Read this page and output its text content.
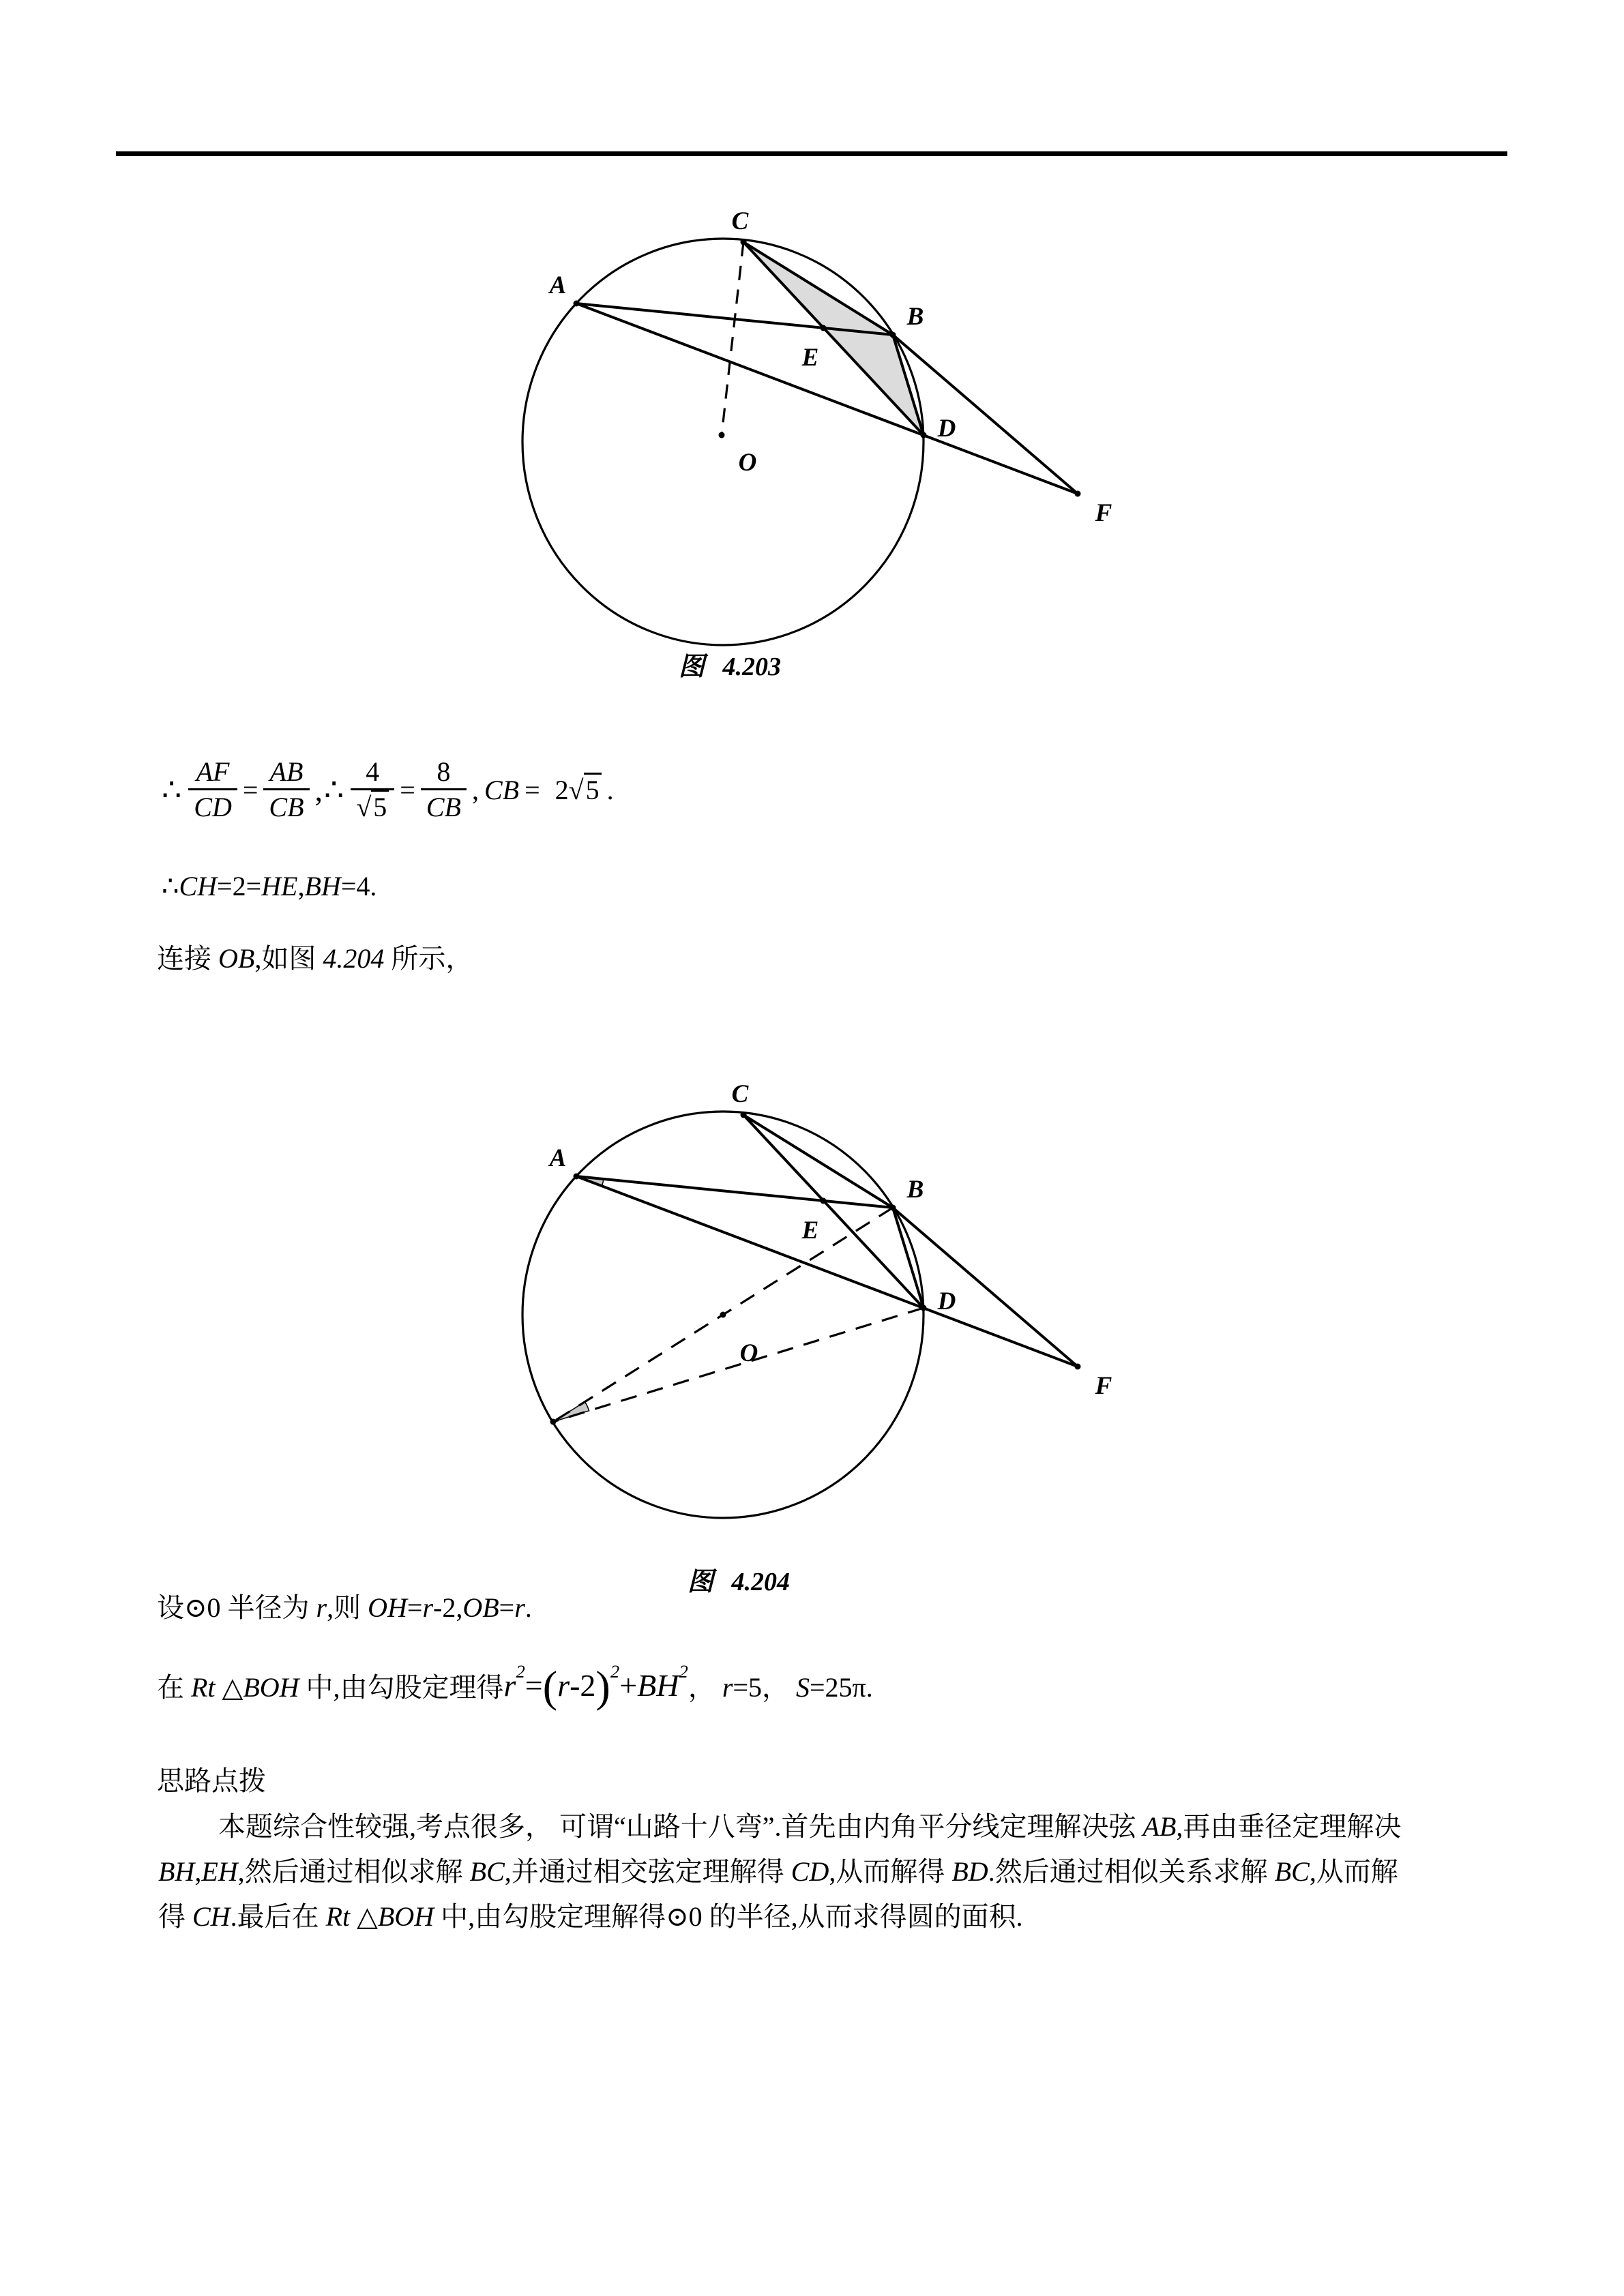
C
A
B
E
D
O
F
图 4.203
∴ $\frac{AF}{CD} = \frac{AB}{CB}$ ,∴ $\frac{4}{√5} = \frac{8}{CB}$ , CB = 2√5 .
∴CH=2=HE,BH=4.
连接 OB,如图 4.204 所示，
C
A
B
E
D
O
F
图 4.204
设⊙0 半径为 r,则 OH=r-2,OB=r.
在 Rt △BOH 中,由勾股定理得 r 2 = ( r -2 ) 2 + BH 2
， r=5， S=25π.
思路点拨
本题综合性较强,考点很多， 可谓“山路十八弯”.首先由内角平分线定理解决弦 AB,再由垂径定理解决
BH,EH,然后通过相似求解 BC,并通过相交弦定理解得 CD,从而解得 BD.然后通过相似关系求解 BC,从而解
得 CH.最后在 Rt △BOH 中,由勾股定理解得⊙0 的半径,从而求得圆的面积.
